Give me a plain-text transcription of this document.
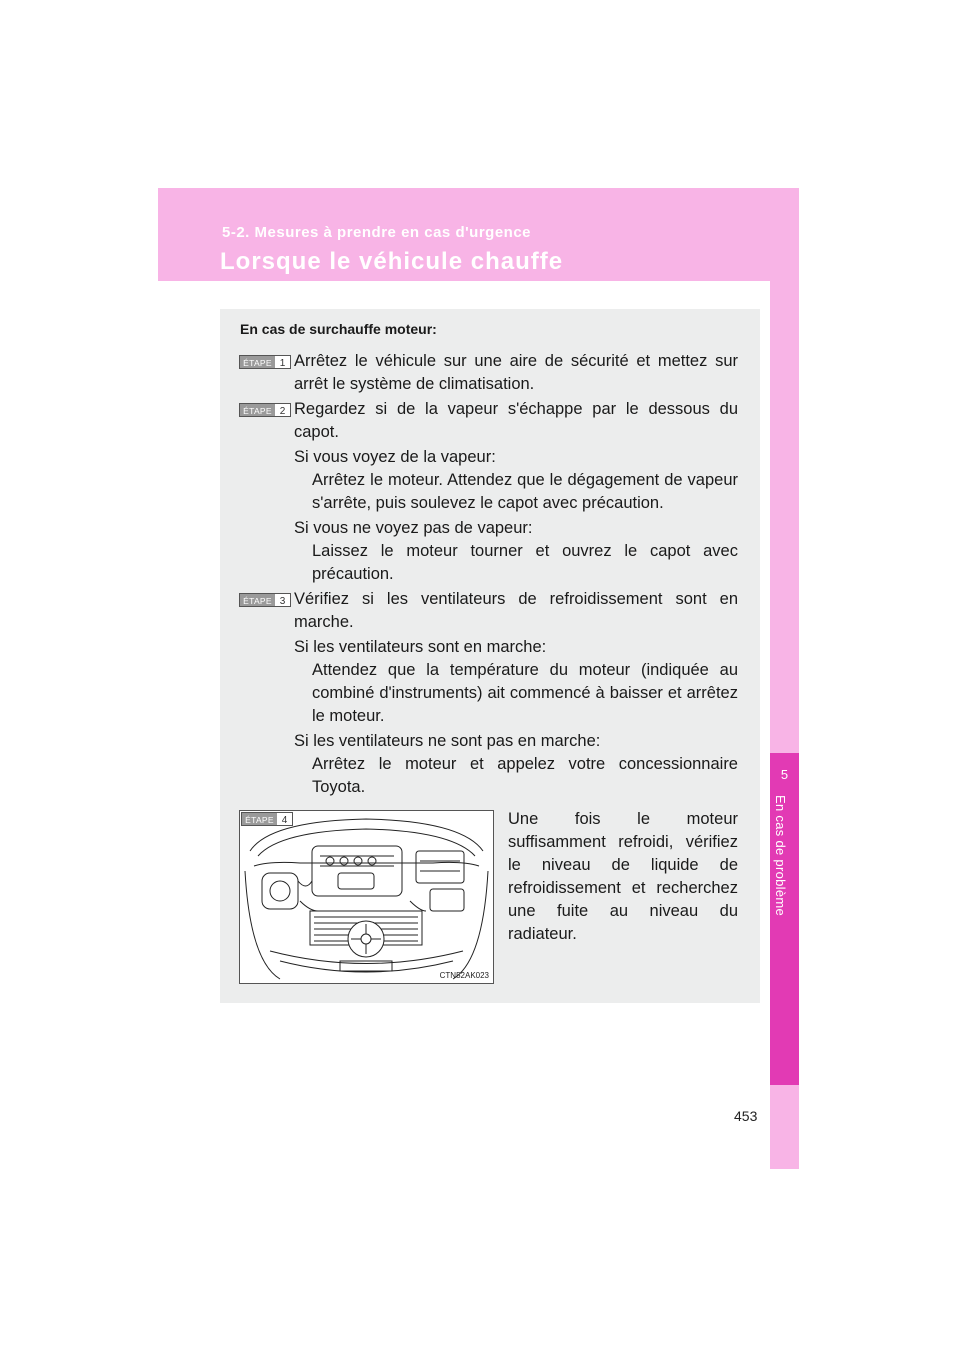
5-2. Mesures à prendre en cas d'urgence
Lorsque le véhicule chauffe
5
En cas de problème
En cas de surchauffe moteur:
ÉTAPE 1 Arrêtez le véhicule sur une aire de sécurité et mettez sur arrêt le système de climatisation.
ÉTAPE 2 Regardez si de la vapeur s'échappe par le dessous du capot.
Si vous voyez de la vapeur:
Arrêtez le moteur. Attendez que le dégagement de vapeur s'arrête, puis soulevez le capot avec précaution.
Si vous ne voyez pas de vapeur:
Laissez le moteur tourner et ouvrez le capot avec précaution.
ÉTAPE 3 Vérifiez si les ventilateurs de refroidissement sont en marche.
Si les ventilateurs sont en marche:
Attendez que la température du moteur (indiquée au combiné d'instruments) ait commencé à baisser et arrêtez le moteur.
Si les ventilateurs ne sont pas en marche:
Arrêtez le moteur et appelez votre concessionnaire Toyota.
ÉTAPE 4
CTN52AK023
Une fois le moteur suffisamment refroidi, vérifiez le niveau de liquide de refroidissement et recherchez une fuite au niveau du radiateur.
453
